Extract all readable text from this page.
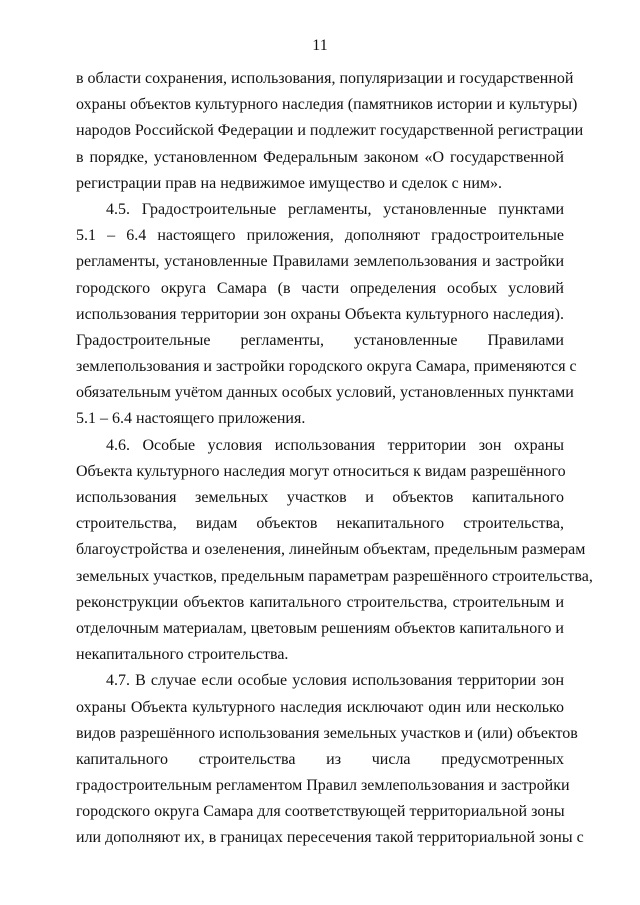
11
в области сохранения, использования, популяризации и государственной
охраны объектов культурного наследия (памятников истории и культуры)
народов Российской Федерации и подлежит государственной регистрации
в порядке, установленном Федеральным законом «О государственной
регистрации прав на недвижимое имущество и сделок с ним».
4.5. Градостроительные регламенты, установленные пунктами
5.1 – 6.4 настоящего приложения, дополняют градостроительные
регламенты, установленные Правилами землепользования и застройки
городского округа Самара (в части определения особых условий
использования территории зон охраны Объекта культурного наследия).
Градостроительные регламенты, установленные Правилами
землепользования и застройки городского округа Самара, применяются с
обязательным учётом данных особых условий, установленных пунктами
5.1 – 6.4 настоящего приложения.
4.6. Особые условия использования территории зон охраны
Объекта культурного наследия могут относиться к видам разрешённого
использования земельных участков и объектов капитального
строительства, видам объектов некапитального строительства,
благоустройства и озеленения, линейным объектам, предельным размерам
земельных участков, предельным параметрам разрешённого строительства,
реконструкции объектов капитального строительства, строительным и
отделочным материалам, цветовым решениям объектов капитального и
некапитального строительства.
4.7. В случае если особые условия использования территории зон
охраны Объекта культурного наследия исключают один или несколько
видов разрешённого использования земельных участков и (или) объектов
капитального строительства из числа предусмотренных
градостроительным регламентом Правил землепользования и застройки
городского округа Самара для соответствующей территориальной зоны
или дополняют их, в границах пересечения такой территориальной зоны с
